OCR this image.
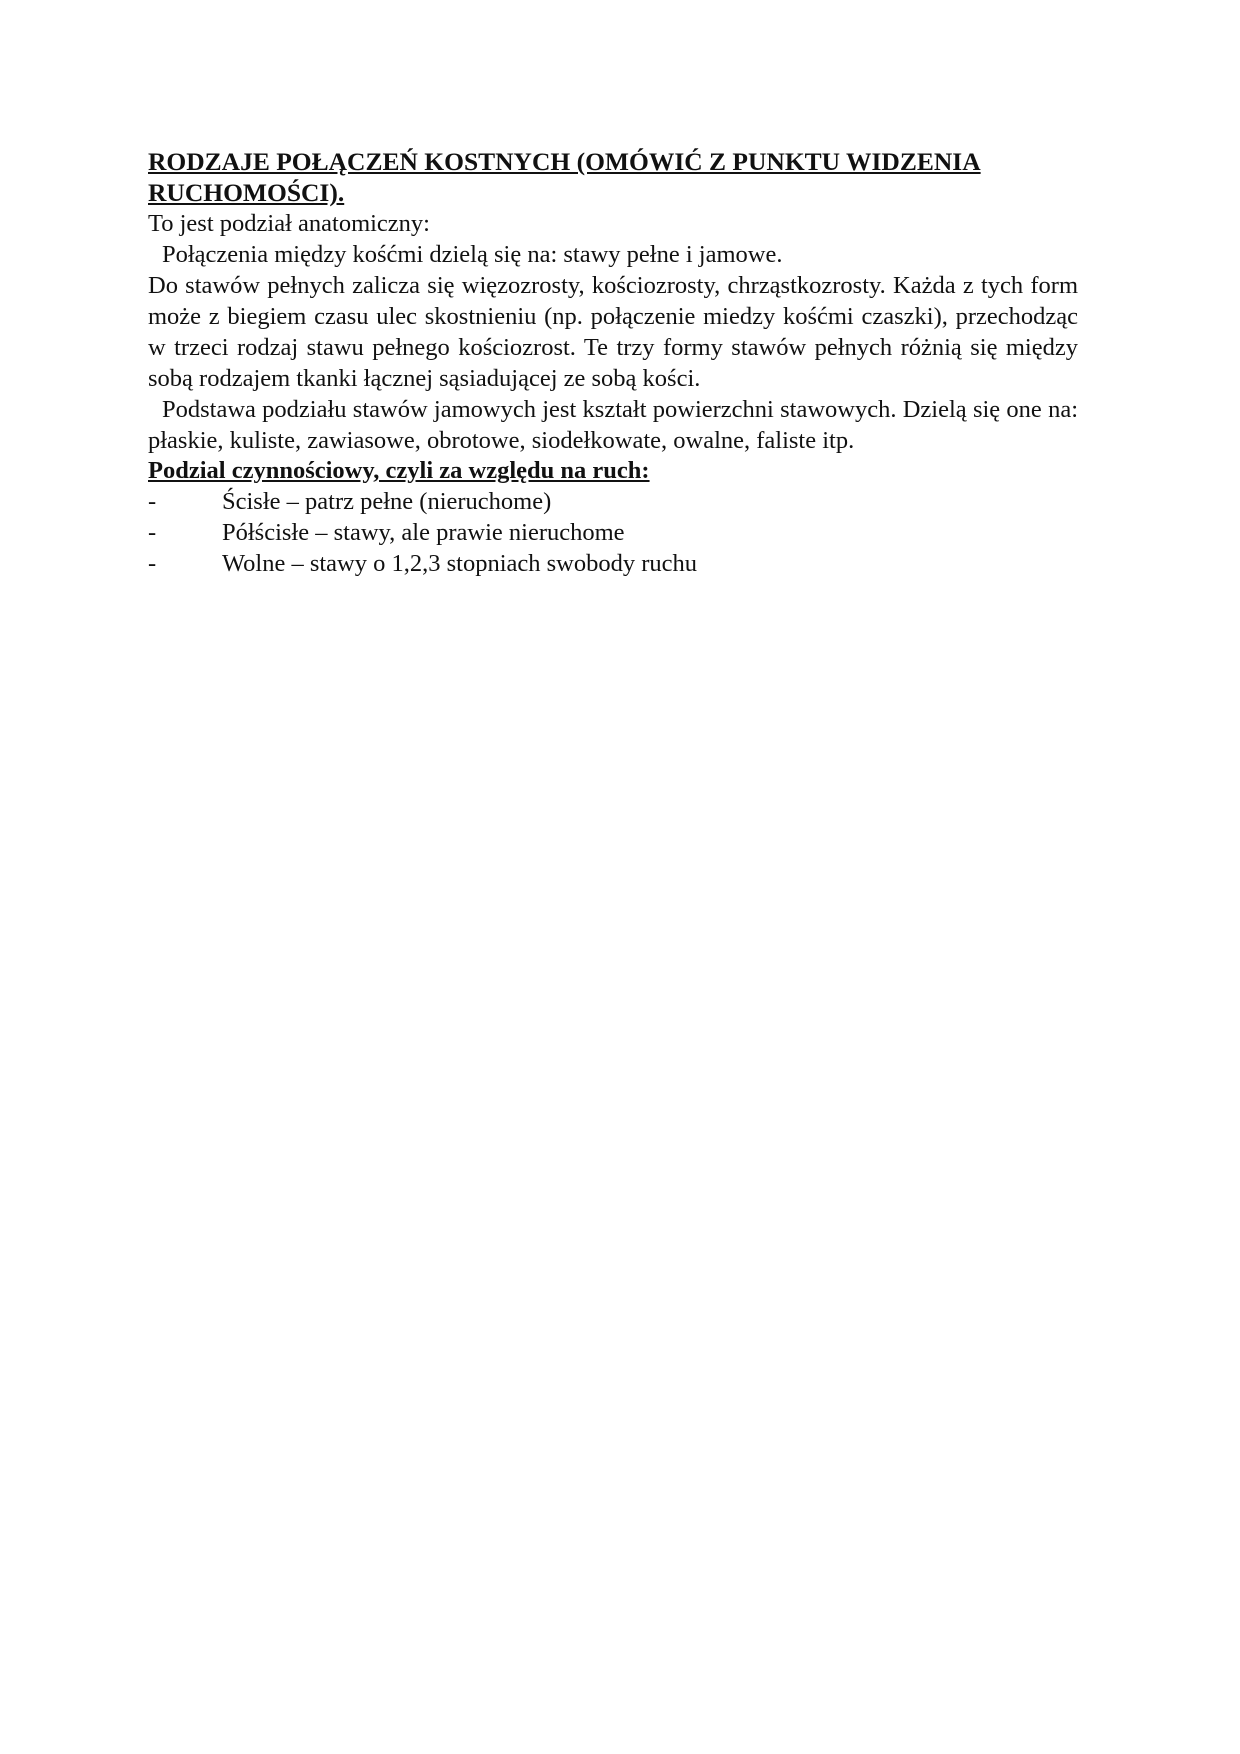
RODZAJE POŁĄCZEŃ KOSTNYCH (OMÓWIĆ Z PUNKTU WIDZENIA RUCHOMOŚCI).

To jest podział anatomiczny:

Połączenia między kośćmi dzielą się na: stawy pełne i jamowe.

Do stawów pełnych zalicza się więzozrosty, kościozrosty, chrząstkozrosty. Każda z tych form może z biegiem czasu ulec skostnieniu (np. połączenie miedzy kośćmi czaszki), przechodząc w trzeci rodzaj stawu pełnego kościozrost. Te trzy formy stawów pełnych różnią się między sobą rodzajem tkanki łącznej sąsiadującej ze sobą kości.

Podstawa podziału stawów jamowych jest kształt powierzchni stawowych. Dzielą się one na: płaskie, kuliste, zawiasowe, obrotowe, siodełkowate, owalne, faliste itp.

Podzial czynnościowy, czyli za względu na ruch:

-	Ścisłe – patrz pełne (nieruchome)
-	Półścisłe – stawy, ale prawie nieruchome
-	Wolne – stawy o 1,2,3 stopniach swobody ruchu
